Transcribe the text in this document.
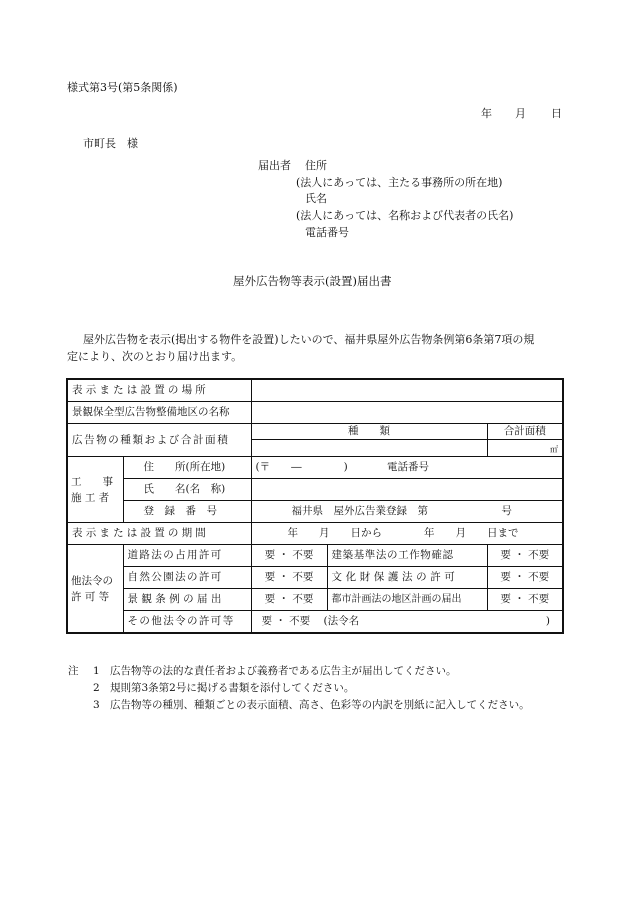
様式第3号(第5条関係)
年 月 日
市町長　様
届出者 住所
(法人にあっては、主たる事務所の所在地)
氏名
(法人にあっては、名称および代表者の氏名)
電話番号
屋外広告物等表示(設置)届出書
屋外広告物を表示(掲出する物件を設置)したいので、福井県屋外広告物条例第6条第7項の規
定により、次のとおり届け出ます。
表示または設置の場所				
景観保全型広告物整備地区の名称				
広告物の種類および合計面積		種　　類		合計面積
				㎡

工　　事
施 工 者	住　　所(所在地)	(〒　　―　　　　) 電話番号		
	氏　　名(名　称)			
	登　録　番　号	福井県　屋外広告業登録　第 号		
表示または設置の期間		年　　月　　日から　　　　年　　月　　日まで		

他法令の
許 可 等	道路法の占用許可	要 ・ 不要	建築基準法の工作物確認	要 ・ 不要
	自然公園法の許可	要 ・ 不要	文化財保護法の許可	要 ・ 不要
	景観条例の届出	要 ・ 不要	都市計画法の地区計画の届出	要 ・ 不要
	その他法令の許可等	要 ・ 不要 (法令名 )		
注 1 広告物等の法的な責任者および義務者である広告主が届出してください。
2 規則第3条第2号に掲げる書類を添付してください。
3 広告物等の種別、種類ごとの表示面積、高さ、色彩等の内訳を別紙に記入してください。
